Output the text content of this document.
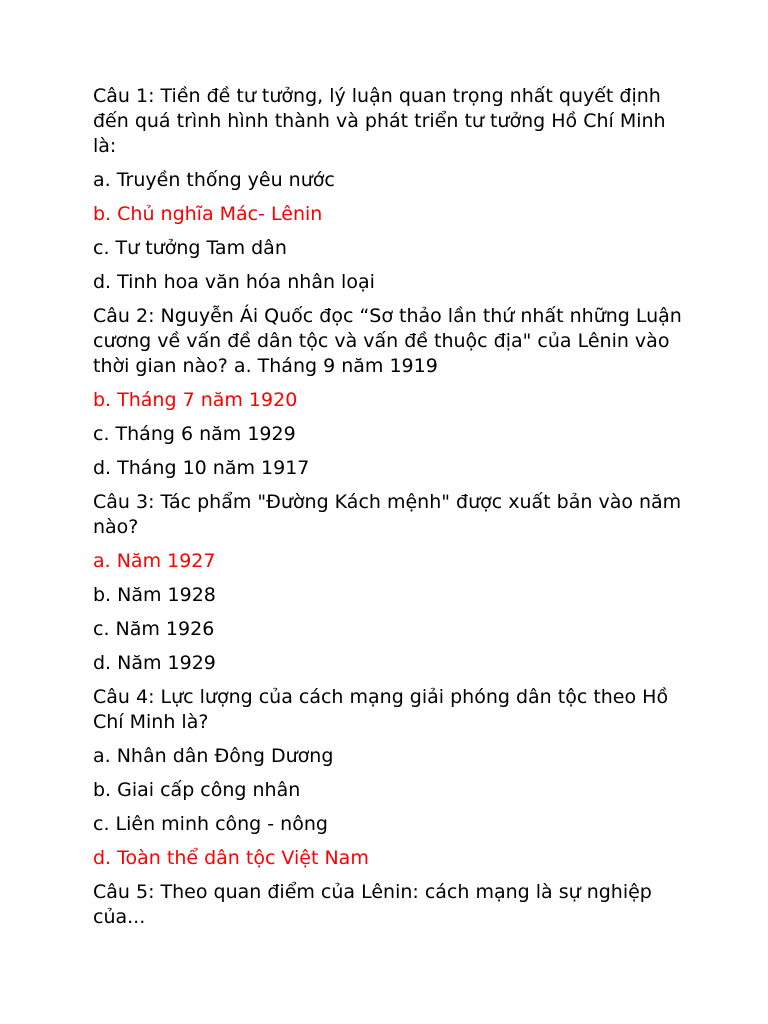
Câu 1: Tiền đề tư tưởng, lý luận quan trọng nhất quyết định đến quá trình hình thành và phát triển tư tưởng Hồ Chí Minh là:

a. Truyền thống yêu nước

b. Chủ nghĩa Mác- Lênin

c. Tư tưởng Tam dân

d. Tinh hoa văn hóa nhân loại

Câu 2: Nguyễn Ái Quốc đọc “Sơ thảo lần thứ nhất những Luận cương về vấn đề dân tộc và vấn đề thuộc địa" của Lênin vào thời gian nào? a. Tháng 9 năm 1919

b. Tháng 7 năm 1920

c. Tháng 6 năm 1929

d. Tháng 10 năm 1917

Câu 3: Tác phẩm "Đường Kách mệnh" được xuất bản vào năm nào?

a. Năm 1927

b. Năm 1928

c. Năm 1926

d. Năm 1929

Câu 4: Lực lượng của cách mạng giải phóng dân tộc theo Hồ Chí Minh là?

a. Nhân dân Đông Dương

b. Giai cấp công nhân

c. Liên minh công - nông

d. Toàn thể dân tộc Việt Nam

Câu 5: Theo quan điểm của Lênin: cách mạng là sự nghiệp của...
